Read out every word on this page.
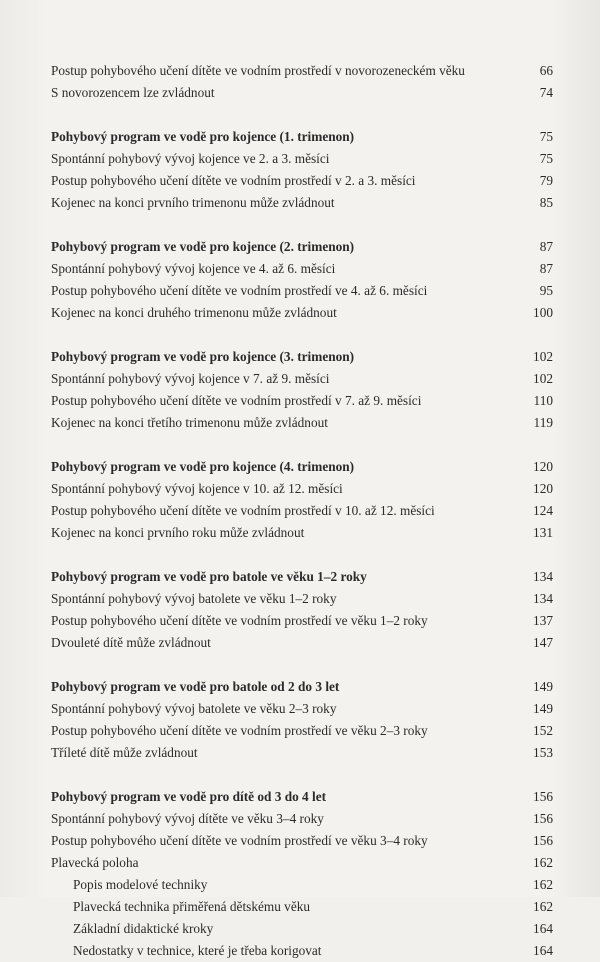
Postup pohybového učení dítěte ve vodním prostředí v novorozeneckém věku	66
S novorozencem lze zvládnout	74
Pohybový program ve vodě pro kojence (1. trimenon)	75
Spontánní pohybový vývoj kojence ve 2. a 3. měsíci	75
Postup pohybového učení dítěte ve vodním prostředí v 2. a 3. měsíci	79
Kojenec na konci prvního trimenonu může zvládnout	85
Pohybový program ve vodě pro kojence (2. trimenon)	87
Spontánní pohybový vývoj kojence ve 4. až 6. měsíci	87
Postup pohybového učení dítěte ve vodním prostředí ve 4. až 6. měsíci	95
Kojenec na konci druhého trimenonu může zvládnout	100
Pohybový program ve vodě pro kojence (3. trimenon)	102
Spontánní pohybový vývoj kojence v 7. až 9. měsíci	102
Postup pohybového učení dítěte ve vodním prostředí v 7. až 9. měsíci	110
Kojenec na konci třetího trimenonu může zvládnout	119
Pohybový program ve vodě pro kojence (4. trimenon)	120
Spontánní pohybový vývoj kojence v 10. až 12. měsíci	120
Postup pohybového učení dítěte ve vodním prostředí v 10. až 12. měsíci	124
Kojenec na konci prvního roku může zvládnout	131
Pohybový program ve vodě pro batole ve věku 1–2 roky	134
Spontánní pohybový vývoj batolete ve věku 1–2 roky	134
Postup pohybového učení dítěte ve vodním prostředí ve věku 1–2 roky	137
Dvouleté dítě může zvládnout	147
Pohybový program ve vodě pro batole od 2 do 3 let	149
Spontánní pohybový vývoj batolete ve věku 2–3 roky	149
Postup pohybového učení dítěte ve vodním prostředí ve věku 2–3 roky	152
Tříleté dítě může zvládnout	153
Pohybový program ve vodě pro dítě od 3 do 4 let	156
Spontánní pohybový vývoj dítěte ve věku 3–4 roky	156
Postup pohybového učení dítěte ve vodním prostředí ve věku 3–4 roky	156
Plavecká poloha	162
Popis modelové techniky	162
Plavecká technika přiměřená dětskému věku	162
Základní didaktické kroky	164
Nedostatky v technice, které je třeba korigovat	164
